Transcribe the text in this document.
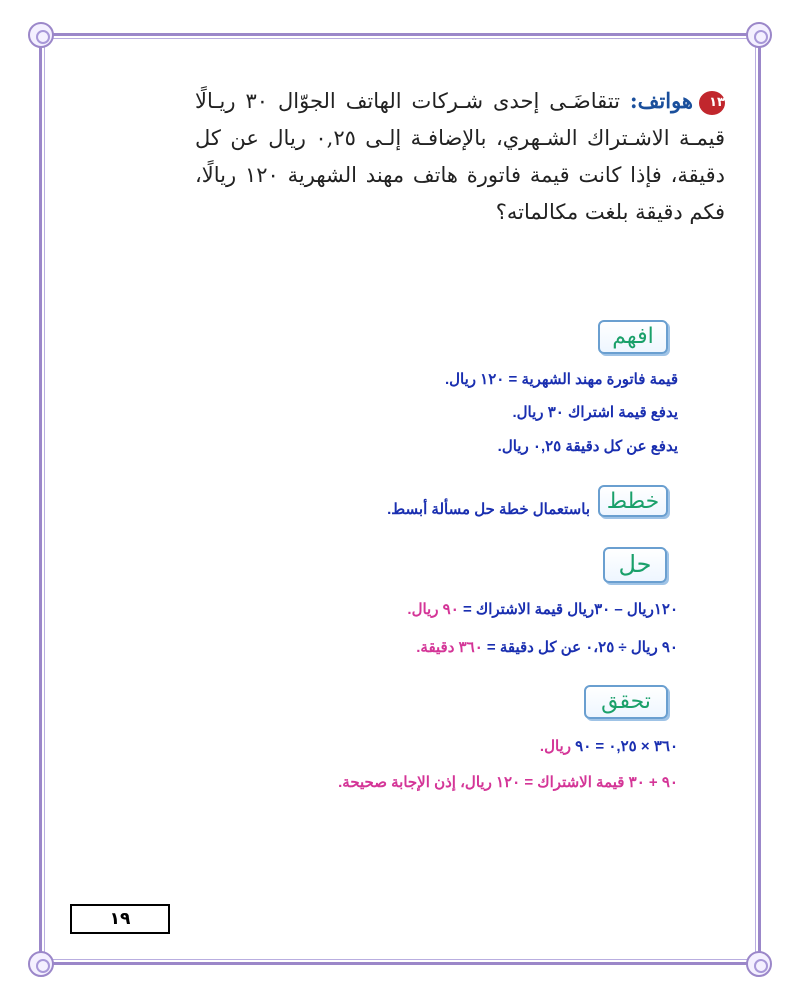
١٣هواتف: تتقاضَـى إحدى شـركات الهاتف الجوّال ٣٠ ريـالًا قيمـة الاشـتراك الشـهري، بالإضافـة إلـى ٠,٢٥ ريال عن كل دقيقة، فإذا كانت قيمة فاتورة هاتف مهند الشهرية ١٢٠ ريالًا، فكم دقيقة بلغت مكالماته؟
افهم
قيمة فاتورة مهند الشهرية = ١٢٠ ريال.
يدفع قيمة اشتراك ٣٠ ريال.
يدفع عن كل دقيقة ٠,٢٥ ريال.
خطط
باستعمال خطة حل مسألة أبسط.
حل
١٢٠ريال – ٣٠ريال قيمة الاشتراك = ٩٠ ريال.
٩٠ ريال ÷ ٠،٢٥ عن كل دقيقة = ٣٦٠ دقيقة.
تحقق
٣٦٠ × ٠,٢٥ = ٩٠ ريال.
٩٠ + ٣٠ قيمة الاشتراك = ١٢٠ ريال، إذن الإجابة صحيحة.
١٩
